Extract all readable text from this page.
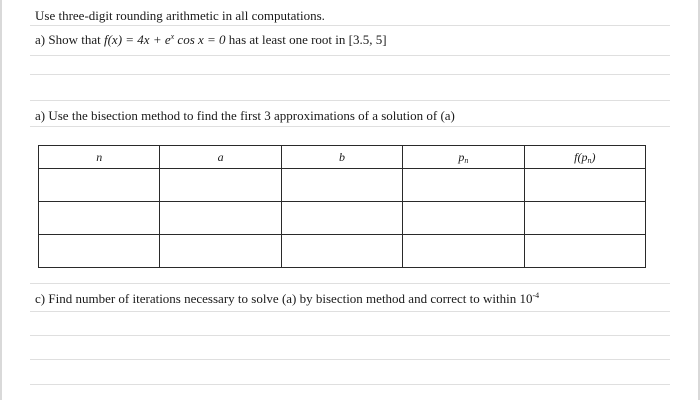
Use three-digit rounding arithmetic in all computations.
a) Show that $f(x) = 4x + e^x$ cos x = 0 has at least one root in [3.5, 5]
a) Use the bisection method to find the first 3 approximations of a solution of (a)
n	a	b	$p_n$	$f(p_n)$

c) Find number of iterations necessary to solve (a) by bisection method and correct to within $10^{-4}$
